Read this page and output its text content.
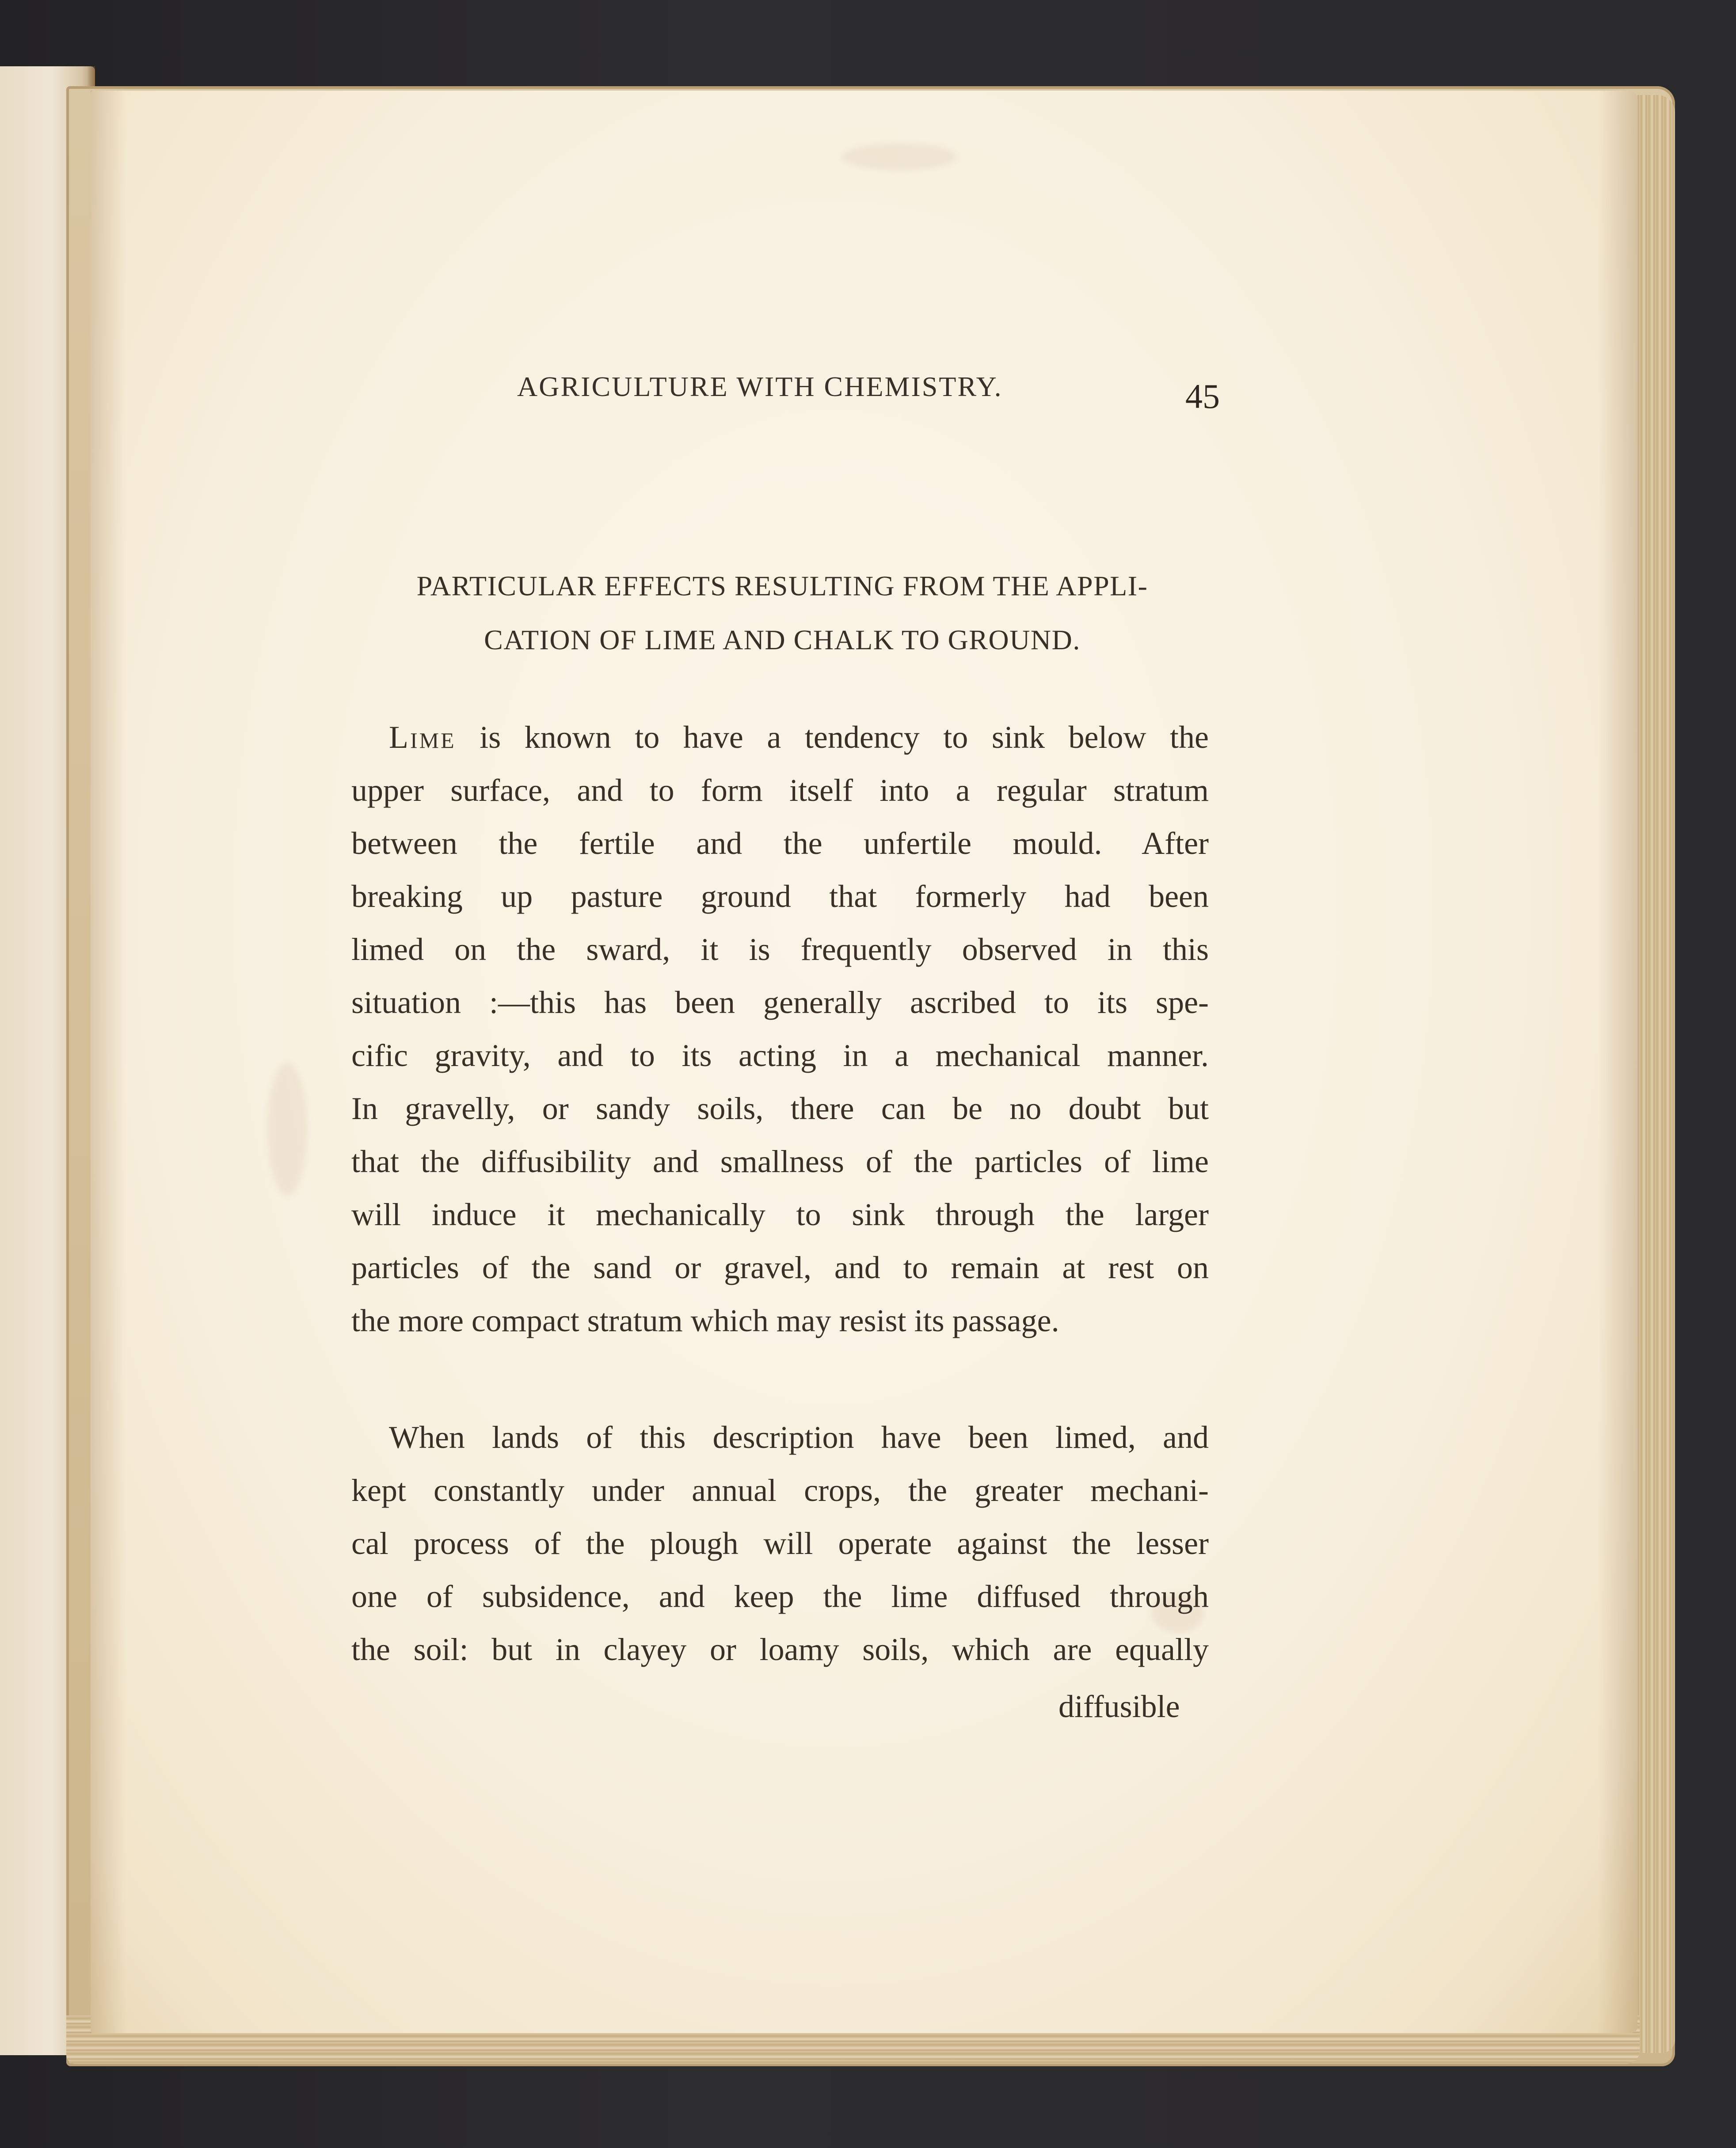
AGRICULTURE WITH CHEMISTRY.	45
PARTICULAR EFFECTS RESULTING FROM THE APPLI-
CATION OF LIME AND CHALK TO GROUND.
Lime is known to have a tendency to sink below the
upper surface, and to form itself into a regular stratum
between the fertile and the unfertile mould. After
breaking up pasture ground that formerly had been
limed on the sward, it is frequently observed in this
situation :—this has been generally ascribed to its spe-
cific gravity, and to its acting in a mechanical manner.
In gravelly, or sandy soils, there can be no doubt but
that the diffusibility and smallness of the particles of lime
will induce it mechanically to sink through the larger
particles of the sand or gravel, and to remain at rest on
the more compact stratum which may resist its passage.
When lands of this description have been limed, and
kept constantly under annual crops, the greater mechani-
cal process of the plough will operate against the lesser
one of subsidence, and keep the lime diffused through
the soil: but in clayey or loamy soils, which are equally
diffusible
